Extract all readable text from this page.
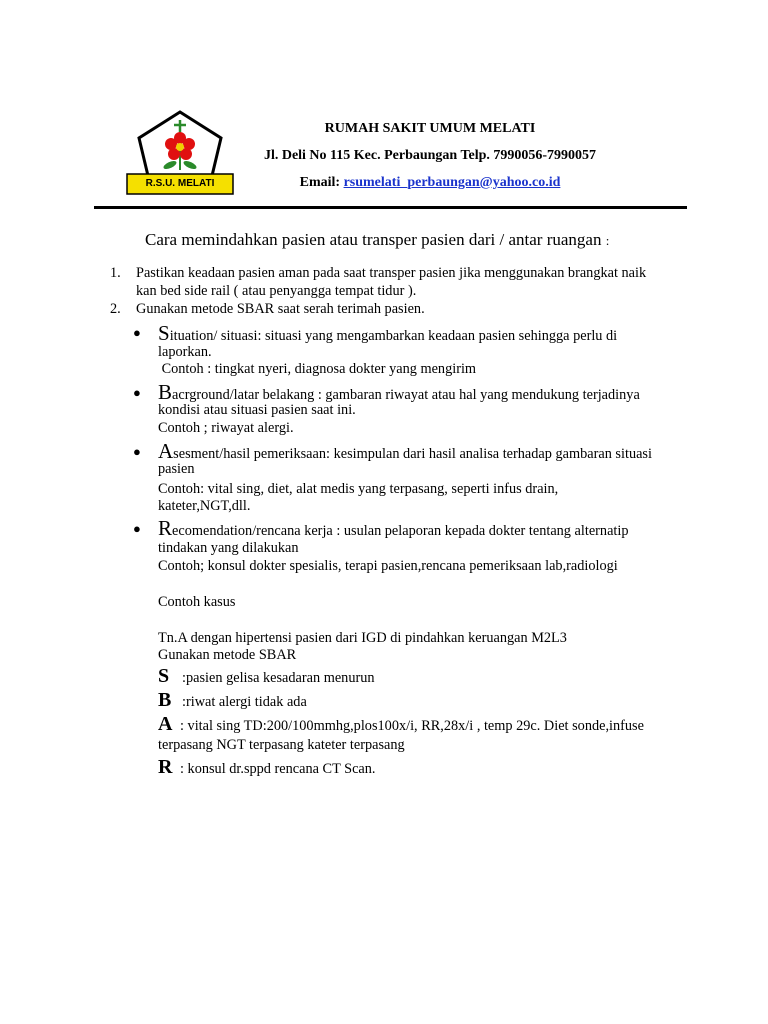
R.S.U. MELATI
RUMAH SAKIT UMUM MELATI
Jl. Deli No 115 Kec. Perbaungan Telp. 7990056-7990057
Email: rsumelati_perbaungan@yahoo.co.id
Cara memindahkan pasien atau transper pasien dari / antar ruangan :
1. Pastikan keadaan pasien aman pada saat transper pasien jika menggunakan brangkat naik
kan bed side rail ( atau penyangga tempat tidur ).
2. Gunakan metode SBAR saat serah terimah pasien.
● Situation/ situasi: situasi yang mengambarkan keadaan pasien sehingga perlu di
laporkan.
Contoh : tingkat nyeri, diagnosa dokter yang mengirim
● Bacrground/latar belakang : gambaran riwayat atau hal yang mendukung terjadinya
kondisi atau situasi pasien saat ini.
Contoh ; riwayat alergi.
● Asesment/hasil pemeriksaan: kesimpulan dari hasil analisa terhadap gambaran situasi
pasien
Contoh: vital sing, diet, alat medis yang terpasang, seperti infus drain,
kateter,NGT,dll.
● Recomendation/rencana kerja : usulan pelaporan kepada dokter tentang alternatip
tindakan yang dilakukan
Contoh; konsul dokter spesialis, terapi pasien,rencana pemeriksaan lab,radiologi
Contoh kasus
Tn.A dengan hipertensi pasien dari IGD di pindahkan keruangan M2L3
Gunakan metode SBAR
S :pasien gelisa kesadaran menurun
B :riwat alergi tidak ada
A : vital sing TD:200/100mmhg,plos100x/i, RR,28x/i , temp 29c. Diet sonde,infuse
terpasang NGT terpasang kateter terpasang
R : konsul dr.sppd rencana CT Scan.
